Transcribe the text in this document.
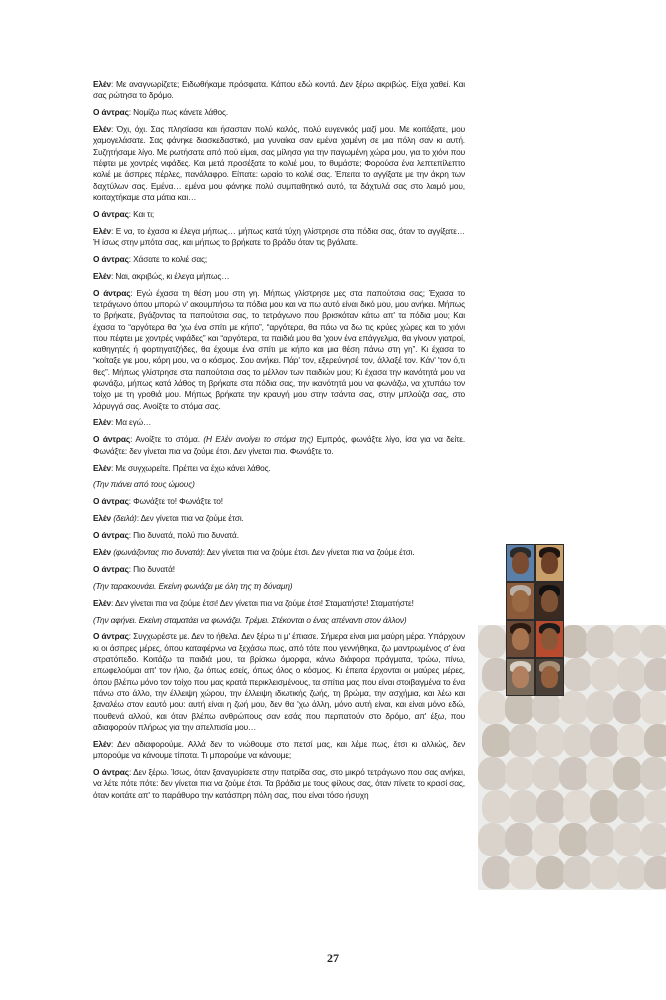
Ελέν: Με αναγνωρίζετε; Ειδωθήκαμε πρόσφατα. Κάπου εδώ κοντά. Δεν ξέρω ακριβώς. Είχα χαθεί. Και σας ρώτησα το δρόμο.

Ο άντρας: Νομίζω πως κάνετε λάθος.

Ελέν: Όχι, όχι. Σας πλησίασα και ήσασταν πολύ καλός, πολύ ευγενικός μαζί μου. Με κοιτάξατε, μου χαμογελάσατε. Σας φάνηκε διασκεδαστικό, μια γυναίκα σαν εμένα χαμένη σε μια πόλη σαν κι αυτή. Συζητήσαμε λίγο. Με ρωτήσατε από πού είμαι, σας μίλησα για την παγωμένη χώρα μου, για το χιόνι που πέφτει με χοντρές νιφάδες. Και μετά προσέξατε το κολιέ μου, το θυμάστε; Φορούσα ένα λεπτεπίλεπτο κολιέ με άσπρες πέρλες, πανάλαφρο. Είπατε: ωραίο το κολιέ σας. Έπειτα το αγγίξατε με την άκρη των δαχτύλων σας. Εμένα… εμένα μου φάνηκε πολύ συμπαθητικό αυτό, τα δάχτυλά σας στο λαιμό μου, κοιταχτήκαμε στα μάτια και…

Ο άντρας: Και τι;

Ελέν: Ε να, το έχασα κι έλεγα μήπως… μήπως κατά τύχη γλίστρησε στα πόδια σας, όταν το αγγίξατε… Ή ίσως στην μπότα σας, και μήπως το βρήκατε το βράδυ όταν τις βγάλατε.

Ο άντρας: Χάσατε το κολιέ σας;

Ελέν: Ναι, ακριβώς, κι έλεγα μήπως…

Ο άντρας: Εγώ έχασα τη θέση μου στη γη. Μήπως γλίστρησε μες στα παπούτσια σας; Έχασα το τετράγωνο όπου μπορώ ν' ακουμπήσω τα πόδια μου και να πω αυτό είναι δικό μου, μου ανήκει. Μήπως το βρήκατε, βγάζοντας τα παπούτσια σας, το τετράγωνο που βρισκόταν κάτω απ' τα πόδια μου; Και έχασα το “αργότερα θα 'χω ένα σπίτι με κήπο”, “αργότερα, θα πάω να δω τις κρύες χώρες και το χιόνι που πέφτει με χοντρές νιφάδες” και “αργότερα, τα παιδιά μου θα 'χουν ένα επάγγελμα, θα γίνουν γιατροί, καθηγητές ή φορτηγατζήδες, θα έχουμε ένα σπίτι με κήπο και μια θέση πάνω στη γη”. Κι έχασα το “κοίταξε γιε μου, κόρη μου, να ο κόσμος. Σου ανήκει. Πάρ' τον, εξερεύνησέ τον, άλλαξέ τον. Κάν' 'τον ό,τι θες”. Μήπως γλίστρησε στα παπούτσια σας το μέλλον των παιδιών μου; Κι έχασα την ικανότητά μου να φωνάζω, μήπως κατά λάθος τη βρήκατε στα πόδια σας, την ικανότητά μου να φωνάζω, να χτυπάω τον τοίχο με τη γροθιά μου. Μήπως βρήκατε την κραυγή μου στην τσάντα σας, στην μπλούζα σας, στο λάρυγγά σας. Ανοίξτε το στόμα σας.

Ελέν: Μα εγώ…

Ο άντρας: Ανοίξτε το στόμα. (Η Ελέν ανοίγει το στόμα της) Εμπρός, φωνάξτε λίγο, ίσα για να δείτε. Φωνάξτε: δεν γίνεται πια να ζούμε έτσι. Δεν γίνεται πια. Φωνάξτε το.

Ελέν: Με συγχωρείτε. Πρέπει να έχω κάνει λάθος.

(Την πιάνει από τους ώμους)

Ο άντρας: Φωνάξτε το! Φωνάξτε το!

Ελέν (δειλά): Δεν γίνεται πια να ζούμε έτσι.

Ο άντρας: Πιο δυνατά, πολύ πιο δυνατά.

Ελέν (φωνάζοντας πιο δυνατά): Δεν γίνεται πια να ζούμε έτσι. Δεν γίνεται πια να ζούμε έτσι.

Ο άντρας: Πιο δυνατά!

(Την ταρακουνάει. Εκείνη φωνάζει με όλη της τη δύναμη)

Ελέν: Δεν γίνεται πια να ζούμε έτσι! Δεν γίνεται πια να ζούμε έτσι! Σταματήστε! Σταματήστε!

(Την αφήνει. Εκείνη σταματάει να φωνάζει. Τρέμει. Στέκονται ο ένας απέναντι στον άλλον)

Ο άντρας: Συγχωρέστε με. Δεν το ήθελα. Δεν ξέρω τι μ' έπιασε. Σήμερα είναι μια μαύρη μέρα. Υπάρχουν κι οι άσπρες μέρες, όπου καταφέρνω να ξεχάσω πως, από τότε που γεννήθηκα, ζω μαντρωμένος σ' ένα στρατόπεδο. Κοιτάζω τα παιδιά μου, τα βρίσκω όμορφα, κάνω διάφορα πράγματα, τρώω, πίνω, επωφελούμαι απ' τον ήλιο, ζω όπως εσείς, όπως όλος ο κόσμος. Κι έπειτα έρχονται οι μαύρες μέρες, όπου βλέπω μόνο τον τοίχο που μας κρατά περικλεισμένους, τα σπίτια μας που είναι στοιβαγμένα το ένα πάνω στο άλλο, την έλλειψη χώρου, την έλλειψη ιδιωτικής ζωής, τη βρώμα, την ασχήμια, και λέω και ξαναλέω στον εαυτό μου: αυτή είναι η ζωή μου, δεν θα 'χω άλλη, μόνο αυτή είναι, και είναι μόνο εδώ, πουθενά αλλού, και όταν βλέπω ανθρώπους σαν εσάς που περπατούν στο δρόμο, απ' έξω, που αδιαφορούν πλήρως για την απελπισία μου…

Ελέν: Δεν αδιαφορούμε. Αλλά δεν το νιώθουμε στο πετσί μας, και λέμε πως, έτσι κι αλλιώς, δεν μπορούμε να κάνουμε τίποτα. Τι μπορούμε να κάνουμε;

Ο άντρας: Δεν ξέρω. Ίσως, όταν ξαναγυρίσετε στην πατρίδα σας, στο μικρό τετράγωνο που σας ανήκει, να λέτε πότε πότε: δεν γίνεται πια να ζούμε έτσι. Τα βράδια με τους φίλους σας, όταν πίνετε το κρασί σας, όταν κοιτάτε απ' το παράθυρο την κατάσπρη πόλη σας, που είναι τόσο ήσυχη

27
